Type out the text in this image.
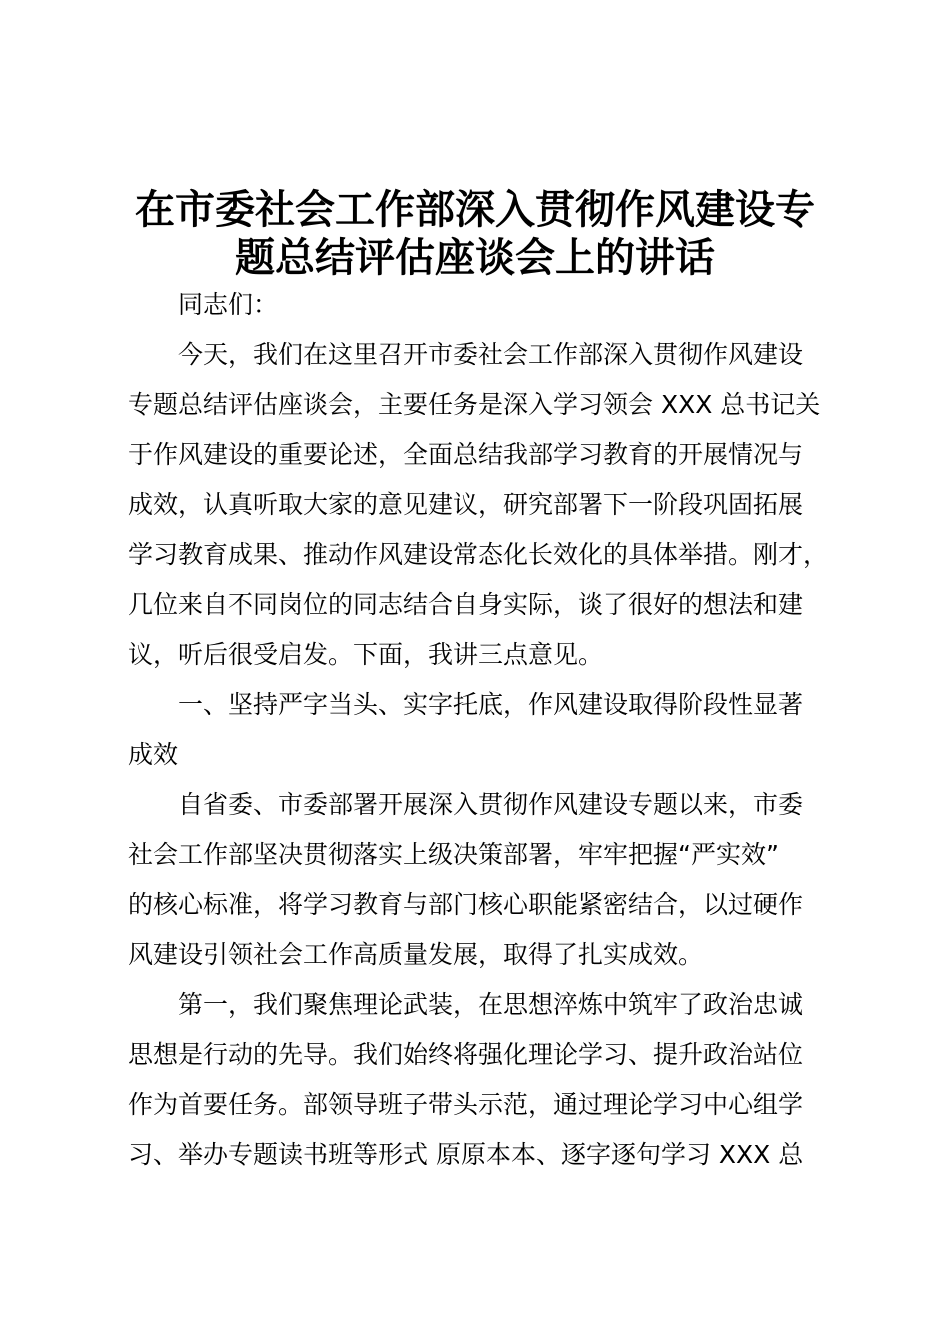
在市委社会工作部深入贯彻作风建设专
题总结评估座谈会上的讲话
同志们：
今天，我们在这里召开市委社会工作部深入贯彻作风建设
专题总结评估座谈会，主要任务是深入学习领会 XXX 总书记关
于作风建设的重要论述，全面总结我部学习教育的开展情况与
成效，认真听取大家的意见建议，研究部署下一阶段巩固拓展
学习教育成果、推动作风建设常态化长效化的具体举措。刚才，
几位来自不同岗位的同志结合自身实际，谈了很好的想法和建
议，听后很受启发。下面，我讲三点意见。
一、坚持严字当头、实字托底，作风建设取得阶段性显著
成效
自省委、市委部署开展深入贯彻作风建设专题以来，市委
社会工作部坚决贯彻落实上级决策部署，牢牢把握“严实效”
的核心标准，将学习教育与部门核心职能紧密结合，以过硬作
风建设引领社会工作高质量发展，取得了扎实成效。
第一，我们聚焦理论武装，在思想淬炼中筑牢了政治忠诚
思想是行动的先导。我们始终将强化理论学习、提升政治站位
作为首要任务。部领导班子带头示范，通过理论学习中心组学
习、举办专题读书班等形式 原原本本、逐字逐句学习 XXX 总
